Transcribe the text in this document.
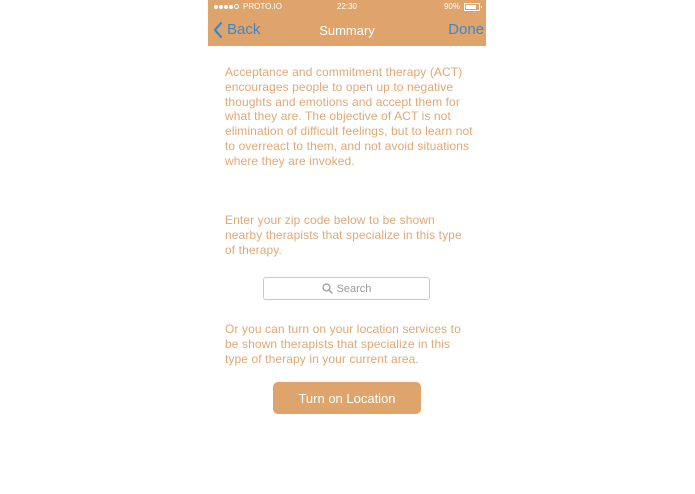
PROTO.IO	22:30	90%
Back	Summary	Done
Acceptance and commitment therapy (ACT) encourages people to open up to negative thoughts and emotions and accept them for what they are. The objective of ACT is not elimination of difficult feelings, but to learn not to overreact to them, and not avoid situations where they are invoked.
Enter your zip code below to be shown nearby therapists that specialize in this type of therapy.
Search
Or you can turn on your location services to be shown therapists that specialize in this type of therapy in your current area.
Turn on Location
